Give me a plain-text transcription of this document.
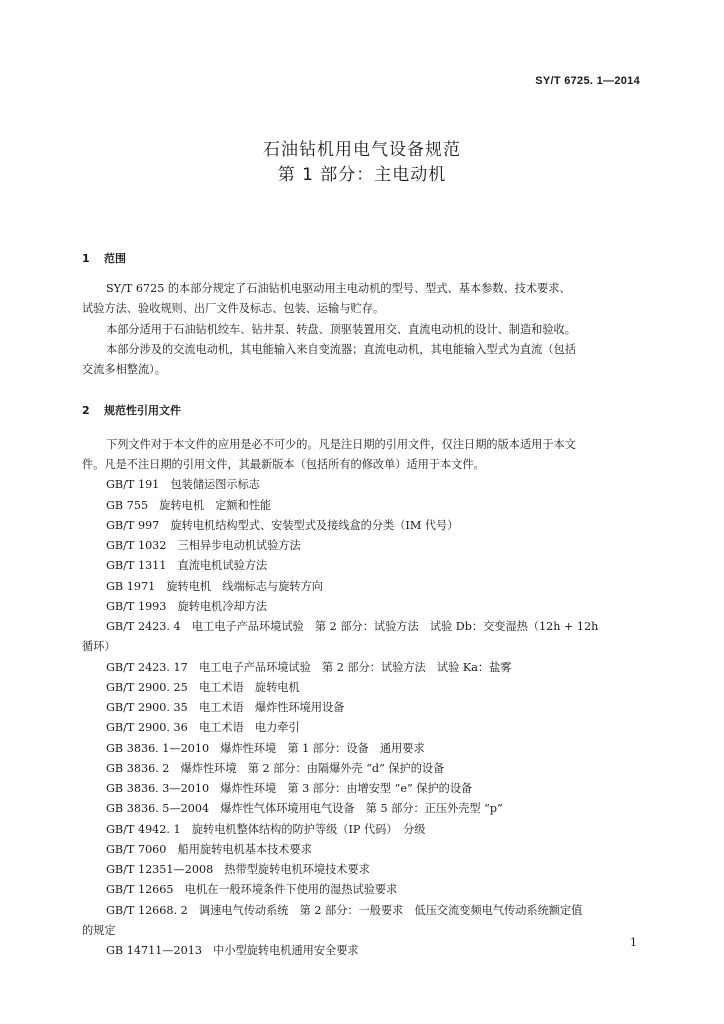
SY/T 6725. 1—2014
石油钻机用电气设备规范
第 1 部分：主电动机
1 范围
SY/T 6725 的本部分规定了石油钻机电驱动用主电动机的型号、型式、基本参数、技术要求、
试验方法、验收规则、出厂文件及标志、包装、运输与贮存。
本部分适用于石油钻机绞车、钻井泵、转盘、顶驱装置用交、直流电动机的设计、制造和验收。
本部分涉及的交流电动机，其电能输入来自变流器；直流电动机，其电能输入型式为直流（包括
交流多相整流）。
2 规范性引用文件
下列文件对于本文件的应用是必不可少的。凡是注日期的引用文件，仅注日期的版本适用于本文
件。凡是不注日期的引用文件，其最新版本（包括所有的修改单）适用于本文件。
GB/T 191　包装储运图示标志
GB 755　旋转电机　定额和性能
GB/T 997　旋转电机结构型式、安装型式及接线盒的分类（IM 代号）
GB/T 1032　三相异步电动机试验方法
GB/T 1311　直流电机试验方法
GB 1971　旋转电机　线端标志与旋转方向
GB/T 1993　旋转电机冷却方法
GB/T 2423. 4　电工电子产品环境试验　第 2 部分：试验方法　试验 Db：交变湿热（12h + 12h
循环）
GB/T 2423. 17　电工电子产品环境试验　第 2 部分：试验方法　试验 Ka：盐雾
GB/T 2900. 25　电工术语　旋转电机
GB/T 2900. 35　电工术语　爆炸性环境用设备
GB/T 2900. 36　电工术语　电力牵引
GB 3836. 1—2010　爆炸性环境　第 1 部分：设备　通用要求
GB 3836. 2　爆炸性环境　第 2 部分：由隔爆外壳 “d” 保护的设备
GB 3836. 3—2010　爆炸性环境　第 3 部分：由增安型 “e” 保护的设备
GB 3836. 5—2004　爆炸性气体环境用电气设备　第 5 部分：正压外壳型 “p”
GB/T 4942. 1　旋转电机整体结构的防护等级（IP 代码）　分级
GB/T 7060　船用旋转电机基本技术要求
GB/T 12351—2008　热带型旋转电机环境技术要求
GB/T 12665　电机在一般环境条件下使用的湿热试验要求
GB/T 12668. 2　调速电气传动系统　第 2 部分：一般要求　低压交流变频电气传动系统额定值
的规定
GB 14711—2013　中小型旋转电机通用安全要求
1
